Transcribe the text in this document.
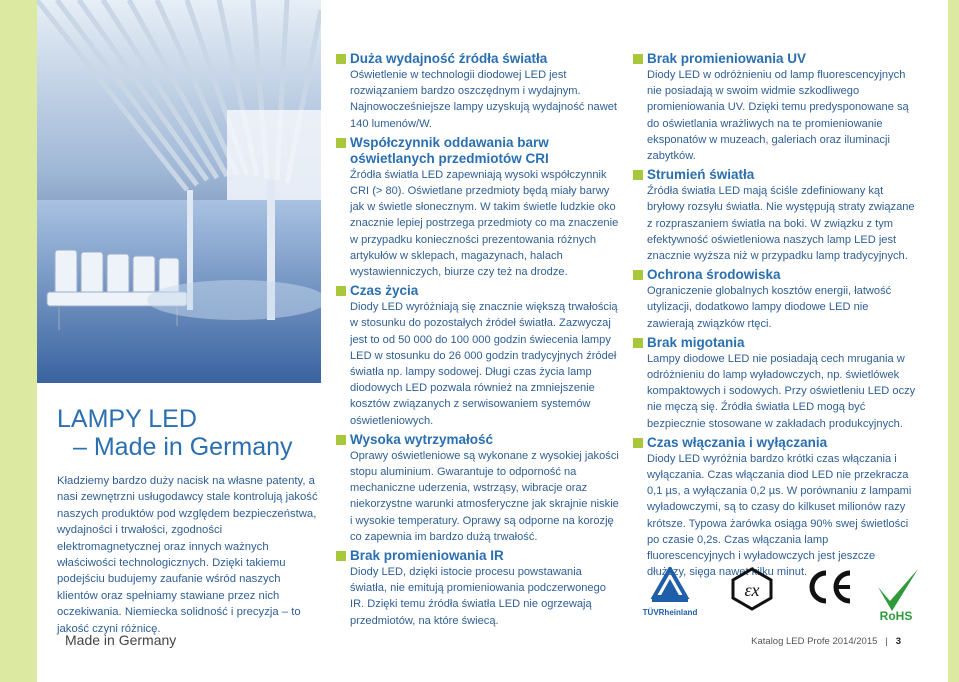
LAMPY LED
– Made in Germany

Kładziemy bardzo duży nacisk na własne patenty, a nasi zewnętrzni usługodawcy stale kontrolują jakość naszych produktów pod względem bezpieczeństwa, wydajności i trwałości, zgodności elektromagnetycznej oraz innych ważnych właściwości technologicznych. Dzięki takiemu podejściu budujemy zaufanie wśród naszych klientów oraz spełniamy stawiane przez nich oczekiwania. Niemiecka solidność i precyzja – to jakość czyni różnicę.

Duża wydajność źródła światła

Oświetlenie w technologii diodowej LED jest rozwiązaniem bardzo oszczędnym i wydajnym. Najnowocześniejsze lampy uzyskują wydajność nawet 140 lumenów/W.

Współczynnik oddawania barw oświetlanych przedmiotów CRI

Źródła światła LED zapewniają wysoki współczynnik CRI (> 80). Oświetlane przedmioty będą miały barwy jak w świetle słonecznym. W takim świetle ludzkie oko znacznie lepiej postrzega przedmioty co ma znaczenie w przypadku konieczności prezentowania różnych artykułów w sklepach, magazynach, halach wystawienniczych, biurze czy też na drodze.

Czas życia

Diody LED wyróżniają się znacznie większą trwałością w stosunku do pozostałych źródeł światła. Zazwyczaj jest to od 50 000 do 100 000 godzin świecenia lampy LED w stosunku do 26 000 godzin tradycyjnych źródeł światła np. lampy sodowej. Długi czas życia lamp diodowych LED pozwala również na zmniejszenie kosztów związanych z serwisowaniem systemów oświetleniowych.

Wysoka wytrzymałość

Oprawy oświetleniowe są wykonane z wysokiej jakości stopu aluminium. Gwarantuje to odporność na mechaniczne uderzenia, wstrząsy, wibracje oraz niekorzystne warunki atmosferyczne jak skrajnie niskie i wysokie temperatury. Oprawy są odporne na korozję co zapewnia im bardzo dużą trwałość.

Brak promieniowania IR

Diody LED, dzięki istocie procesu powstawania światła, nie emitują promieniowania podczerwonego IR. Dzięki temu źródła światła LED nie ogrzewają przedmiotów, na które świecą.

Brak promieniowania UV

Diody LED w odróżnieniu od lamp fluorescencyjnych nie posiadają w swoim widmie szkodliwego promieniowania UV. Dzięki temu predysponowane są do oświetlania wrażliwych na te promieniowanie eksponatów w muzeach, galeriach oraz iluminacji zabytków.

Strumień światła

Źródła światła LED mają ściśle zdefiniowany kąt bryłowy rozsyłu światła. Nie występują straty związane z rozpraszaniem światła na boki. W związku z tym efektywność oświetleniowa naszych lamp LED jest znacznie wyższa niż w przypadku lamp tradycyjnych.

Ochrona środowiska

Ograniczenie globalnych kosztów energii, łatwość utylizacji, dodatkowo lampy diodowe LED nie zawierają związków rtęci.

Brak migotania

Lampy diodowe LED nie posiadają cech mrugania w odróżnieniu do lamp wyładowczych, np. świetlówek kompaktowych i sodowych. Przy oświetleniu LED oczy nie męczą się. Źródła światła LED mogą być bezpiecznie stosowane w zakładach produkcyjnych.

Czas włączania i wyłączania

Diody LED wyróżnia bardzo krótki czas włączania i wyłączania. Czas włączania diod LED nie przekracza 0,1 µs, a wyłączania 0,2 µs. W porównaniu z lampami wyładowczymi, są to czasy do kilkuset milionów razy krótsze. Typowa żarówka osiąga 90% swej świetlości po czasie 0,2s. Czas włączania lamp fluorescencyjnych i wyładowczych jest jeszcze dłuższy, sięga nawet kilku minut.

TÜVRheinland
εx
RoHS
Made in Germany	Katalog LED Profe 2014/2015 | 3
